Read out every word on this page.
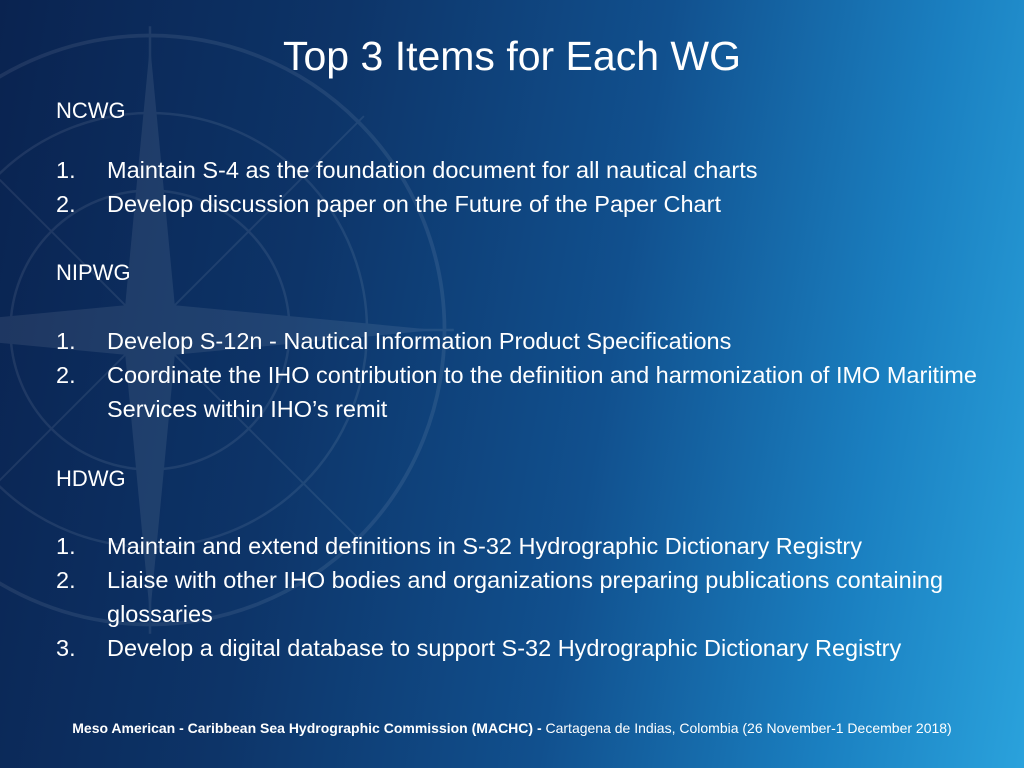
Top 3 Items for Each WG
NCWG
1.	Maintain S-4 as the foundation document for all nautical charts
2.	Develop discussion paper on the Future of the Paper Chart
NIPWG
1.	Develop S-12n - Nautical Information Product Specifications
2.	Coordinate the IHO contribution to the definition and harmonization of IMO Maritime Services within IHO’s remit
HDWG
1.	Maintain and extend definitions in S-32 Hydrographic Dictionary Registry
2.	Liaise with other IHO bodies and organizations preparing publications containing glossaries
3.	Develop a digital database to support S-32 Hydrographic Dictionary Registry
Meso American - Caribbean Sea Hydrographic Commission (MACHC) - Cartagena de Indias, Colombia (26 November-1 December 2018)
